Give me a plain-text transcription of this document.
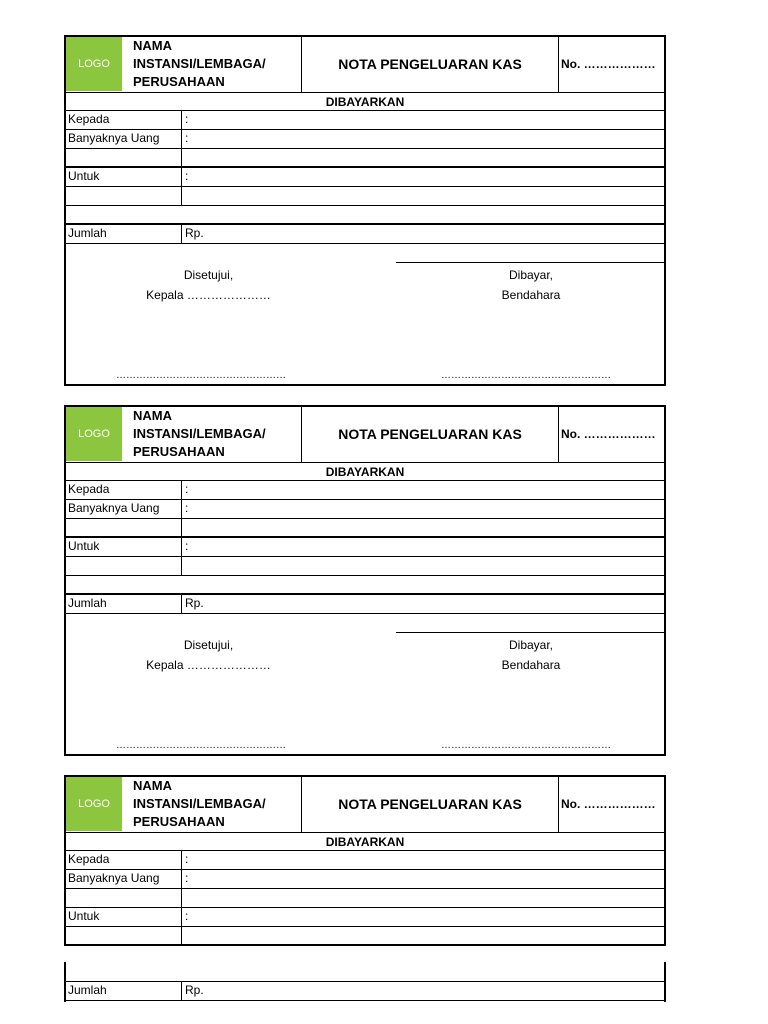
LOGO
NAMA
INSTANSI/LEMBAGA/
PERUSAHAAN
NOTA PENGELUARAN KAS	No. ………………
DIBAYARKAN
Kepada	:
Banyaknya Uang :
Untuk	:
Jumlah	Rp.
Disetujui,
Kepala …………………
Dibayar,
Bendahara
……………………………………………	……………………………………………
LOGO
NAMA
INSTANSI/LEMBAGA/
PERUSAHAAN
NOTA PENGELUARAN KAS	No. ………………
DIBAYARKAN
Kepada	:
Banyaknya Uang :
Untuk	:
Jumlah	Rp.
Disetujui,
Kepala …………………
Dibayar,
Bendahara
……………………………………………	……………………………………………
LOGO
NAMA
INSTANSI/LEMBAGA/
PERUSAHAAN
NOTA PENGELUARAN KAS	No. ………………
DIBAYARKAN
Kepada	:
Banyaknya Uang :
Untuk	:
Jumlah	Rp.
